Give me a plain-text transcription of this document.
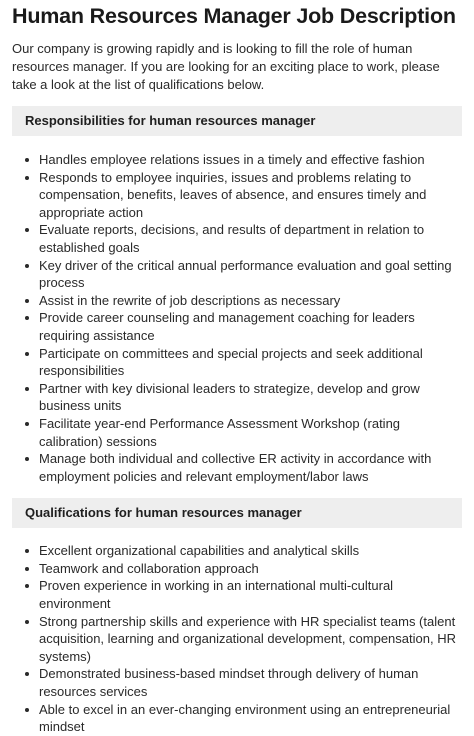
Human Resources Manager Job Description

Our company is growing rapidly and is looking to fill the role of human resources manager. If you are looking for an exciting place to work, please take a look at the list of qualifications below.

Responsibilities for human resources manager
Handles employee relations issues in a timely and effective fashion
Responds to employee inquiries, issues and problems relating to compensation, benefits, leaves of absence, and ensures timely and appropriate action
Evaluate reports, decisions, and results of department in relation to established goals
Key driver of the critical annual performance evaluation and goal setting process
Assist in the rewrite of job descriptions as necessary
Provide career counseling and management coaching for leaders requiring assistance
Participate on committees and special projects and seek additional responsibilities
Partner with key divisional leaders to strategize, develop and grow business units
Facilitate year-end Performance Assessment Workshop (rating calibration) sessions
Manage both individual and collective ER activity in accordance with employment policies and relevant employment/labor laws
Qualifications for human resources manager
Excellent organizational capabilities and analytical skills
Teamwork and collaboration approach
Proven experience in working in an international multi-cultural environment
Strong partnership skills and experience with HR specialist teams (talent acquisition, learning and organizational development, compensation, HR systems)
Demonstrated business-based mindset through delivery of human resources services
Able to excel in an ever-changing environment using an entrepreneurial mindset
